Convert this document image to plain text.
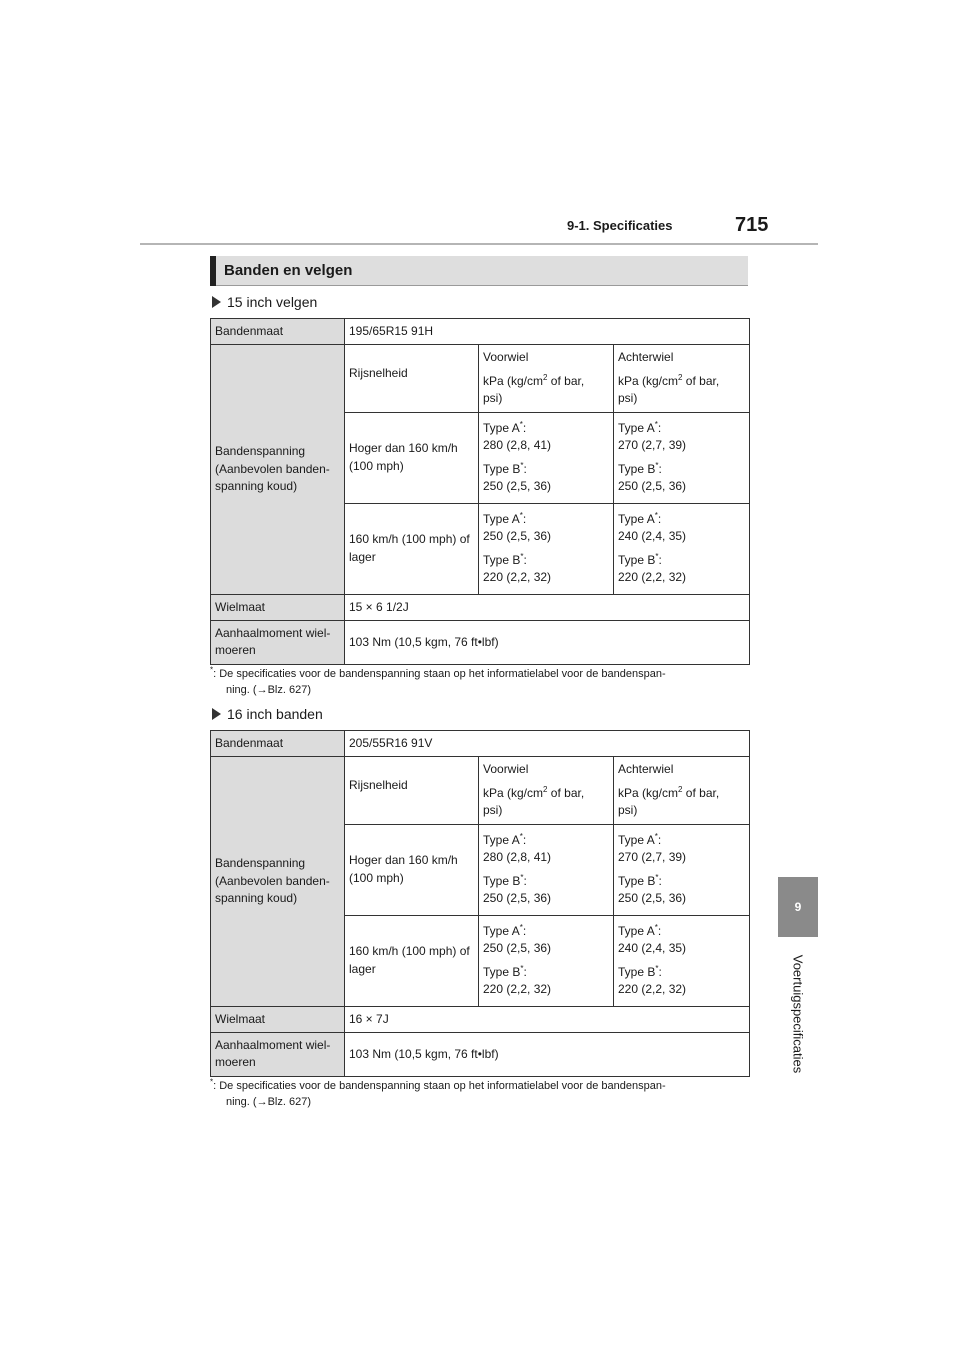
9-1. Specificaties	715
9
Voertuigspecificaties
Banden en velgen
15 inch velgen
Bandenmaat	195/65R15 91H		

Bandenspanning
(Aanbevolen banden-
spanning koud)	Rijsnelheid	Voorwiel
kPa ($kg/cm^2$ of bar,
psi)	Achterwiel
kPa ($kg/cm^2$ of bar,
psi)

	Hoger dan 160 km/h
(100 mph)	Type A*:
280 (2,8, 41)
Type B*:
250 (2,5, 36)	Type A*:
270 (2,7, 39)
Type B*:
250 (2,5, 36)

	160 km/h (100 mph) of
lager	Type A*:
250 (2,5, 36)
Type B*:
220 (2,2, 32)	Type A*:
240 (2,4, 35)
Type B*:
220 (2,2, 32)

Wielmaat	15 × 6 1/2J		

Aanhaalmoment wiel-
moeren	103 Nm (10,5 kgm, 76 ft•lbf)		
*: De specificaties voor de bandenspanning staan op het informatielabel voor de bandenspan-
ning. (→Blz. 627)
16 inch banden
Bandenmaat	205/55R16 91V		

Bandenspanning
(Aanbevolen banden-
spanning koud)	Rijsnelheid	Voorwiel
kPa ($kg/cm^2$ of bar,
psi)	Achterwiel
kPa ($kg/cm^2$ of bar,
psi)

	Hoger dan 160 km/h
(100 mph)	Type A*:
280 (2,8, 41)
Type B*:
250 (2,5, 36)	Type A*:
270 (2,7, 39)
Type B*:
250 (2,5, 36)

	160 km/h (100 mph) of
lager	Type A*:
250 (2,5, 36)
Type B*:
220 (2,2, 32)	Type A*:
240 (2,4, 35)
Type B*:
220 (2,2, 32)

Wielmaat	16 × 7J		

Aanhaalmoment wiel-
moeren	103 Nm (10,5 kgm, 76 ft•lbf)		
*: De specificaties voor de bandenspanning staan op het informatielabel voor de bandenspan-
ning. (→Blz. 627)
